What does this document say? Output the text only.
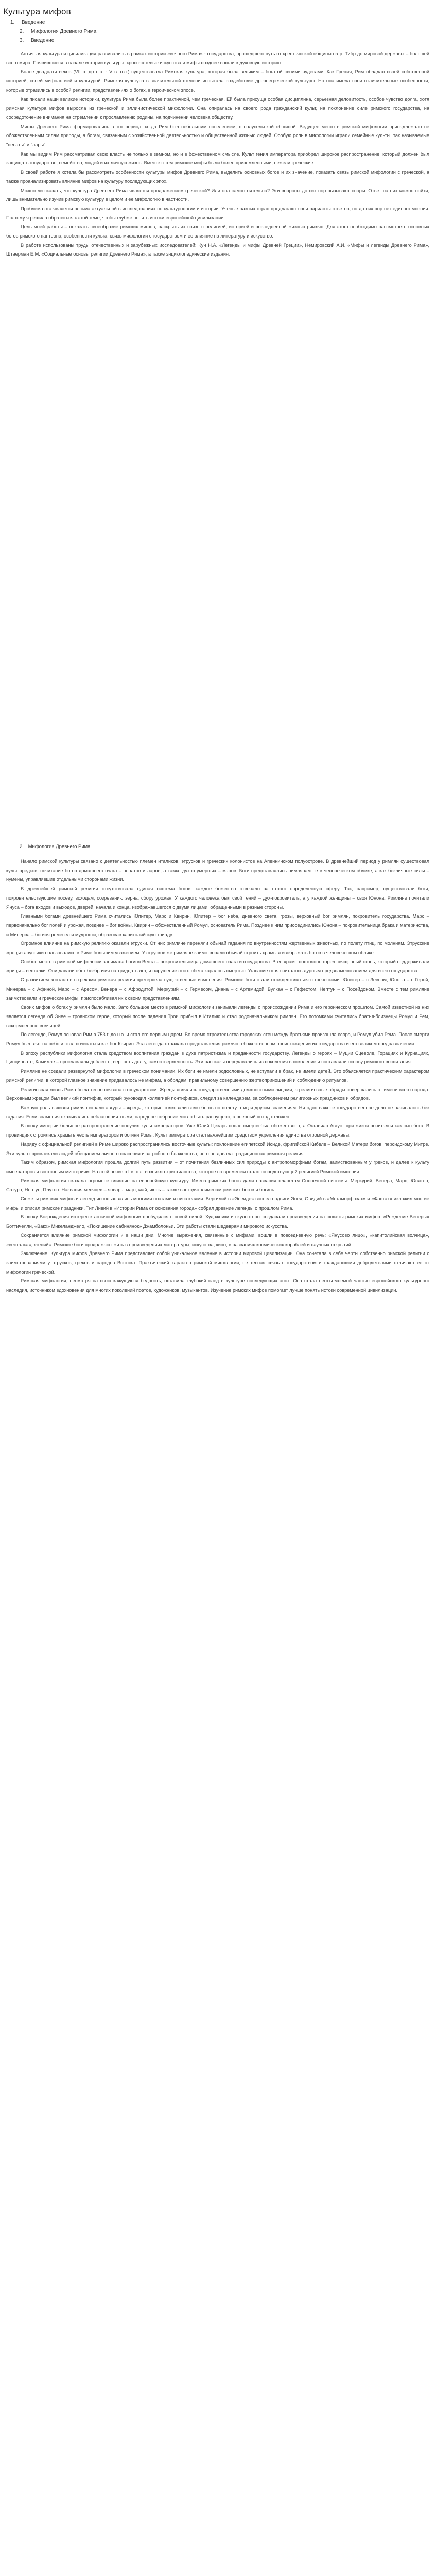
Культура мифов
1.	Введение
2.	Мифология Древнего Рима
3.	Введение

Античная культура и цивилизация развивались в рамках истории «вечного Рима» - государства, прошедшего путь от крестьянской общины на р. Тибр до мировой державы – большей всего мира. Появившиеся в начале истории культуры, кросс-сетевые искусства и мифы позднее вошли в духовную историю.

Более двадцати веков (VII в. до н.э. - V в. н.э.) существовала Римская культура, которая была великим – богатой своими чудесами. Как Греция, Рим обладал своей собственной историей, своей мифологией и культурой. Римская культура в значительной степени испытала воздействие древнегреческой культуры. Но она имела свои отличительные особенности, которые отразились в особой религии, представлениях о богах, в героическом эпосе.

Как писали наши великие историки, культура Рима была более практичной, чем греческая. Ей была присуща особая дисциплина, серьезная деловитость, особое чувство долга, хотя римская культура мифов выросла из греческой и эллинистической мифологии. Она опиралась на своего рода гражданский культ, на поклонение силе римского государства, на сосредоточение внимания на стремлении к прославлению родины, на подчинении человека обществу.

Мифы Древнего Рима формировались в тот период, когда Рим был небольшим поселением, с полусельской общиной. Ведущее место в римской мифологии принадлежало не обожествленным силам природы, а богам, связанным с хозяйственной деятельностью и общественной жизнью людей. Особую роль в мифологии играли семейные культы, так называемые "пенаты" и "лары".

Как мы видим Рим рассматривал свою власть не только в земном, но и в божественном смысле. Культ гения императора приобрел широкое распространение, который должен был защищать государство, семейство, людей и их личную жизнь. Вместе с тем римские мифы были более приземленными, нежели греческие.

В своей работе я хотела бы рассмотреть особенности культуры мифов Древнего Рима, выделить основных богов и их значение, показать связь римской мифологии с греческой, а также проанализировать влияние мифов на культуру последующих эпох.

Можно ли сказать, что культура Древнего Рима является продолжением греческой? Или она самостоятельна? Эти вопросы до сих пор вызывают споры. Ответ на них можно найти, лишь внимательно изучив римскую культуру в целом и ее мифологию в частности.

Проблема эта является весьма актуальной в исследованиях по культурологии и истории. Ученые разных стран предлагают свои варианты ответов, но до сих пор нет единого мнения. Поэтому я решила обратиться к этой теме, чтобы глубже понять истоки европейской цивилизации.

Цель моей работы – показать своеобразие римских мифов, раскрыть их связь с религией, историей и повседневной жизнью римлян. Для этого необходимо рассмотреть основных богов римского пантеона, особенности культа, связь мифологии с государством и ее влияние на литературу и искусство.

В работе использованы труды отечественных и зарубежных исследователей: Кун Н.А. «Легенды и мифы Древней Греции», Немировский А.И. «Мифы и легенды Древнего Рима», Штаерман Е.М. «Социальные основы религии Древнего Рима», а также энциклопедические издания.

2. Мифология Древнего Рима

Начало римской культуры связано с деятельностью племен италиков, этрусков и греческих колонистов на Апеннинском полуострове. В древнейший период у римлян существовал культ предков, почитание богов домашнего очага – пенатов и ларов, а также духов умерших – манов. Боги представлялись римлянам не в человеческом облике, а как безличные силы – нумены, управлявшие отдельными сторонами жизни.

В древнейшей римской религии отсутствовала единая система богов, каждое божество отвечало за строго определенную сферу. Так, например, существовали боги, покровительствующие посеву, всходам, созреванию зерна, сбору урожая. У каждого человека был свой гений – дух-покровитель, а у каждой женщины – своя Юнона. Римляне почитали Януса – бога входов и выходов, дверей, начала и конца, изображавшегося с двумя лицами, обращенными в разные стороны.

Главными богами древнейшего Рима считались Юпитер, Марс и Квирин. Юпитер – бог неба, дневного света, грозы, верховный бог римлян, покровитель государства. Марс – первоначально бог полей и урожая, позднее – бог войны. Квирин – обожествленный Ромул, основатель Рима. Позднее к ним присоединились Юнона – покровительница брака и материнства, и Минерва – богиня ремесел и мудрости, образовав капитолийскую триаду.

Огромное влияние на римскую религию оказали этруски. От них римляне переняли обычай гадания по внутренностям жертвенных животных, по полету птиц, по молниям. Этрусские жрецы-гаруспики пользовались в Риме большим уважением. У этрусков же римляне заимствовали обычай строить храмы и изображать богов в человеческом облике.

Особое место в римской мифологии занимала богиня Веста – покровительница домашнего очага и государства. В ее храме постоянно горел священный огонь, который поддерживали жрицы – весталки. Они давали обет безбрачия на тридцать лет, и нарушение этого обета каралось смертью. Угасание огня считалось дурным предзнаменованием для всего государства.

С развитием контактов с греками римская религия претерпела существенные изменения. Римские боги стали отождествляться с греческими: Юпитер – с Зевсом, Юнона – с Герой, Минерва – с Афиной, Марс – с Аресом, Венера – с Афродитой, Меркурий – с Гермесом, Диана – с Артемидой, Вулкан – с Гефестом, Нептун – с Посейдоном. Вместе с тем римляне заимствовали и греческие мифы, приспосабливая их к своим представлениям.

Своих мифов о богах у римлян было мало. Зато большое место в римской мифологии занимали легенды о происхождении Рима и его героическом прошлом. Самой известной из них является легенда об Энее – троянском герое, который после падения Трои прибыл в Италию и стал родоначальником римлян. Его потомками считались братья-близнецы Ромул и Рем, вскормленные волчицей.

По легенде, Ромул основал Рим в 753 г. до н.э. и стал его первым царем. Во время строительства городских стен между братьями произошла ссора, и Ромул убил Рема. После смерти Ромул был взят на небо и стал почитаться как бог Квирин. Эта легенда отражала представления римлян о божественном происхождении их государства и его великом предназначении.

В эпоху республики мифология стала средством воспитания граждан в духе патриотизма и преданности государству. Легенды о героях – Муции Сцеволе, Горациях и Куриациях, Цинциннате, Камилле – прославляли доблесть, верность долгу, самоотверженность. Эти рассказы передавались из поколения в поколение и составляли основу римского воспитания.

Римляне не создали развернутой мифологии в греческом понимании. Их боги не имели родословных, не вступали в брак, не имели детей. Это объясняется практическим характером римской религии, в которой главное значение придавалось не мифам, а обрядам, правильному совершению жертвоприношений и соблюдению ритуалов.

Религиозная жизнь Рима была тесно связана с государством. Жрецы являлись государственными должностными лицами, а религиозные обряды совершались от имени всего народа. Верховным жрецом был великий понтифик, который руководил коллегией понтификов, следил за календарем, за соблюдением религиозных праздников и обрядов.

Важную роль в жизни римлян играли авгуры – жрецы, которые толковали волю богов по полету птиц и другим знамениям. Ни одно важное государственное дело не начиналось без гадания. Если знамения оказывались неблагоприятными, народное собрание могло быть распущено, а военный поход отложен.

В эпоху империи большое распространение получил культ императоров. Уже Юлий Цезарь после смерти был обожествлен, а Октавиан Август при жизни почитался как сын бога. В провинциях строились храмы в честь императоров и богини Ромы. Культ императора стал важнейшим средством укрепления единства огромной державы.

Наряду с официальной религией в Риме широко распространились восточные культы: поклонение египетской Исиде, фригийской Кибеле – Великой Матери богов, персидскому Митре. Эти культы привлекали людей обещанием личного спасения и загробного блаженства, чего не давала традиционная римская религия.

Таким образом, римская мифология прошла долгий путь развития – от почитания безличных сил природы к антропоморфным богам, заимствованным у греков, и далее к культу императоров и восточным мистериям. На этой почве в I в. н.э. возникло христианство, которое со временем стало господствующей религией Римской империи.

Римская мифология оказала огромное влияние на европейскую культуру. Имена римских богов дали названия планетам Солнечной системы: Меркурий, Венера, Марс, Юпитер, Сатурн, Нептун, Плутон. Названия месяцев – январь, март, май, июнь – также восходят к именам римских богов и богинь.

Сюжеты римских мифов и легенд использовались многими поэтами и писателями. Вергилий в «Энеиде» воспел подвиги Энея, Овидий в «Метаморфозах» и «Фастах» изложил многие мифы и описал римские праздники, Тит Ливий в «Истории Рима от основания города» собрал древние легенды о прошлом Рима.

В эпоху Возрождения интерес к античной мифологии пробудился с новой силой. Художники и скульпторы создавали произведения на сюжеты римских мифов: «Рождение Венеры» Боттичелли, «Вакх» Микеланджело, «Похищение сабинянок» Джамболоньи. Эти работы стали шедеврами мирового искусства.

Сохраняется влияние римской мифологии и в наши дни. Многие выражения, связанные с мифами, вошли в повседневную речь: «Янусово лицо», «капитолийская волчица», «весталка», «гений». Римские боги продолжают жить в произведениях литературы, искусства, кино, в названиях космических кораблей и научных открытий.

Заключение. Культура мифов Древнего Рима представляет собой уникальное явление в истории мировой цивилизации. Она сочетала в себе черты собственно римской религии с заимствованиями у этрусков, греков и народов Востока. Практический характер римской мифологии, ее тесная связь с государством и гражданскими добродетелями отличают ее от мифологии греческой.

Римская мифология, несмотря на свою кажущуюся бедность, оставила глубокий след в культуре последующих эпох. Она стала неотъемлемой частью европейского культурного наследия, источником вдохновения для многих поколений поэтов, художников, музыкантов. Изучение римских мифов помогает лучше понять истоки современной цивилизации.
